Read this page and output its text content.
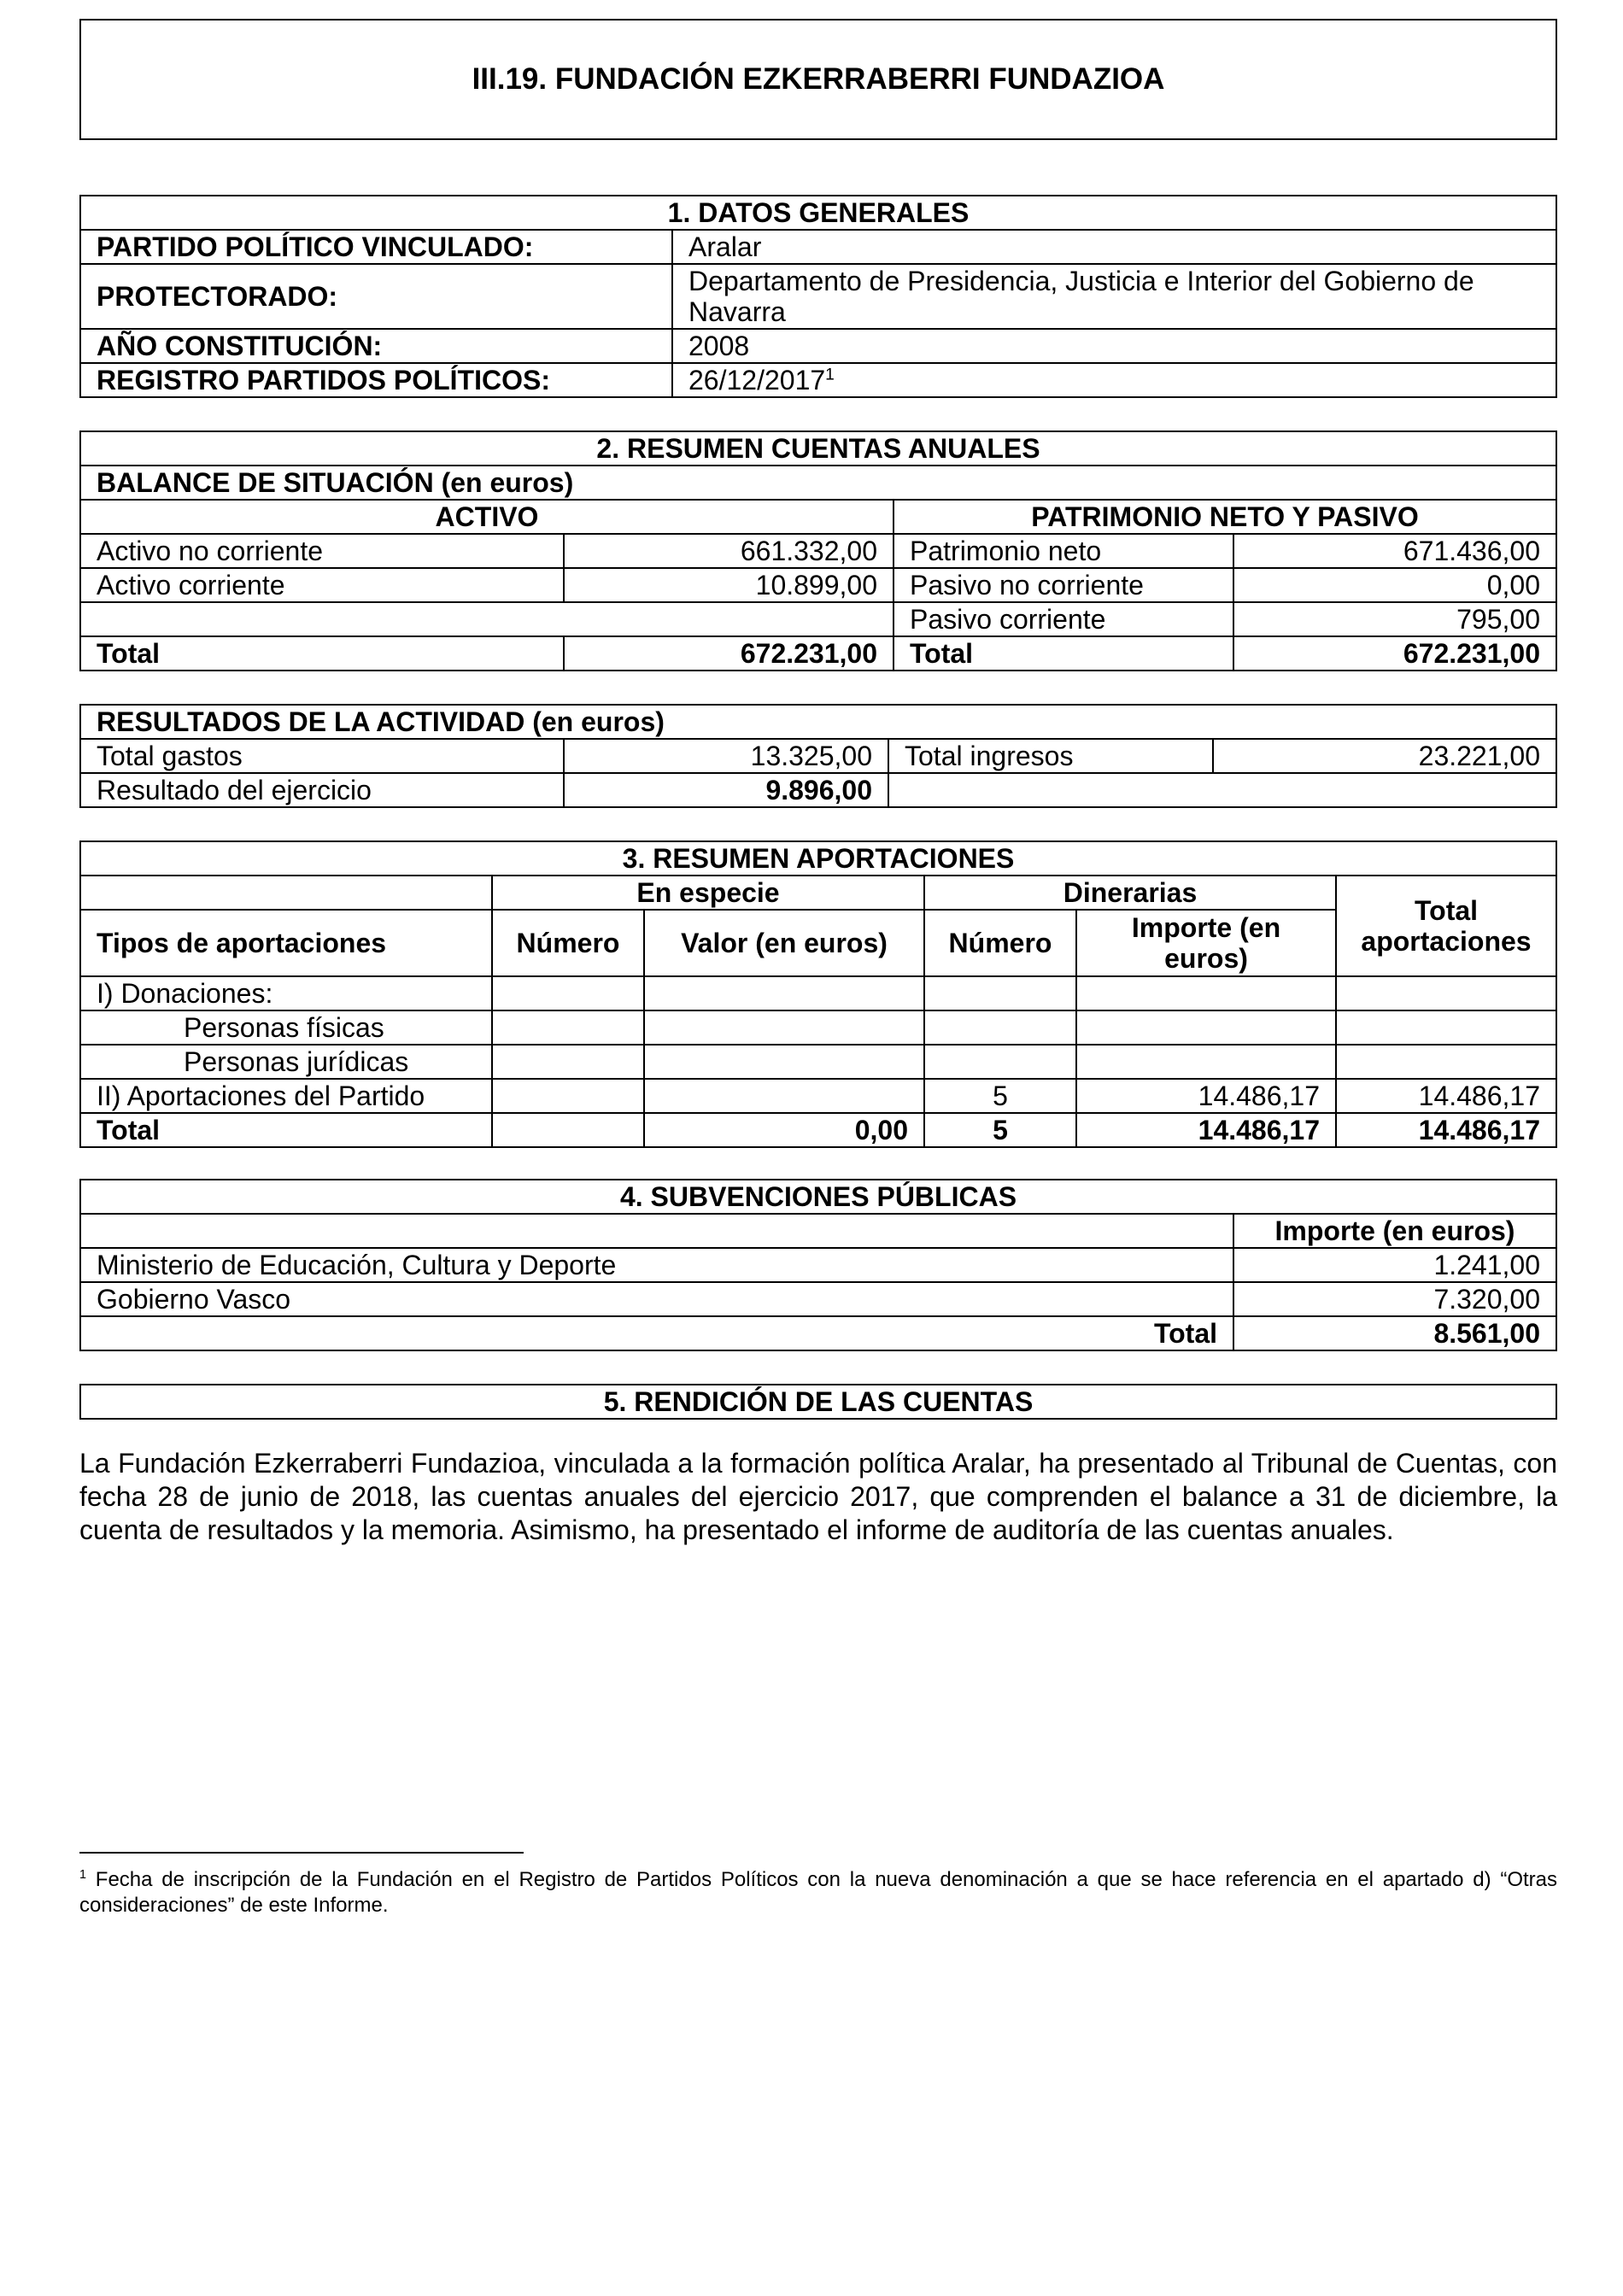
III.19. FUNDACIÓN EZKERRABERRI FUNDAZIOA
1. DATOS GENERALES	
PARTIDO POLÍTICO VINCULADO:	Aralar
PROTECTORADO:	Departamento de Presidencia, Justicia e Interior del Gobierno de Navarra
AÑO CONSTITUCIÓN:	2008
REGISTRO PARTIDOS POLÍTICOS:	26/12/2017$^1$
2. RESUMEN CUENTAS ANUALES			
BALANCE DE SITUACIÓN (en euros)			
ACTIVO		PATRIMONIO NETO Y PASIVO	
Activo no corriente	661.332,00	Patrimonio neto	671.436,00
Activo corriente	10.899,00	Pasivo no corriente	0,00
		Pasivo corriente	795,00
Total	672.231,00	Total	672.231,00
RESULTADOS DE LA ACTIVIDAD (en euros)			
Total gastos	13.325,00	Total ingresos	23.221,00
Resultado del ejercicio	9.896,00		
3. RESUMEN APORTACIONES					
	En especie		Dinerarias		Total aportaciones
Tipos de aportaciones	Número	Valor (en euros)	Número	Importe (en euros)	
I) Donaciones:					
Personas físicas					
Personas jurídicas					
II) Aportaciones del Partido			5	14.486,17	14.486,17
Total		0,00	5	14.486,17	14.486,17
4. SUBVENCIONES PÚBLICAS	
	Importe (en euros)
Ministerio de Educación, Cultura y Deporte	1.241,00
Gobierno Vasco	7.320,00
Total	8.561,00
5. RENDICIÓN DE LAS CUENTAS
La Fundación Ezkerraberri Fundazioa, vinculada a la formación política Aralar, ha presentado al Tribunal de Cuentas, con fecha 28 de junio de 2018, las cuentas anuales del ejercicio 2017, que comprenden el balance a 31 de diciembre, la cuenta de resultados y la memoria. Asimismo, ha presentado el informe de auditoría de las cuentas anuales.
$^1$ Fecha de inscripción de la Fundación en el Registro de Partidos Políticos con la nueva denominación a que se hace referencia en el apartado d) “Otras consideraciones” de este Informe.
